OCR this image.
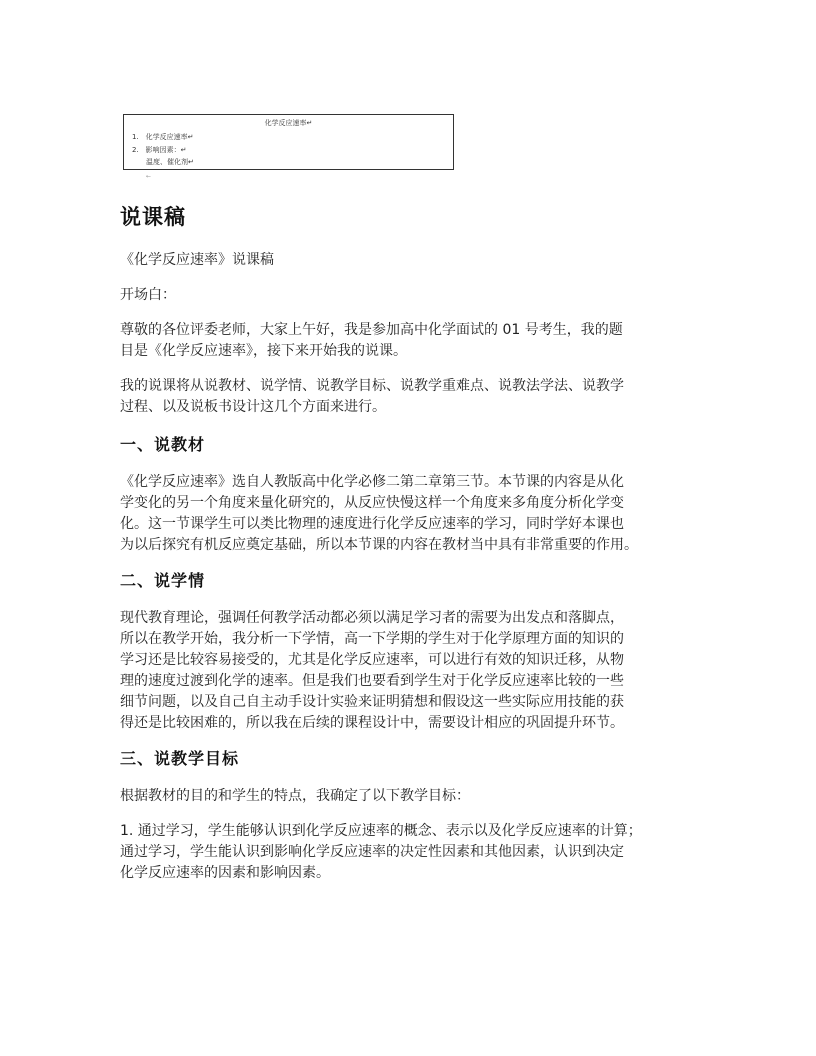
化学反应速率↵
1.　化学反应速率↵
2.　影响因素：↵
　　温度、催化剂↵
←
说课稿

《化学反应速率》说课稿

开场白：

尊敬的各位评委老师，大家上午好，我是参加高中化学面试的 01 号考生，我的题

目是《化学反应速率》，接下来开始我的说课。

我的说课将从说教材、说学情、说教学目标、说教学重难点、说教法学法、说教学

过程、以及说板书设计这几个方面来进行。

一、说教材

《化学反应速率》选自人教版高中化学必修二第二章第三节。本节课的内容是从化

学变化的另一个角度来量化研究的，从反应快慢这样一个角度来多角度分析化学变

化。这一节课学生可以类比物理的速度进行化学反应速率的学习，同时学好本课也

为以后探究有机反应奠定基础，所以本节课的内容在教材当中具有非常重要的作用。

二、说学情

现代教育理论，强调任何教学活动都必须以满足学习者的需要为出发点和落脚点，

所以在教学开始，我分析一下学情，高一下学期的学生对于化学原理方面的知识的

学习还是比较容易接受的，尤其是化学反应速率，可以进行有效的知识迁移，从物

理的速度过渡到化学的速率。但是我们也要看到学生对于化学反应速率比较的一些

细节问题，以及自己自主动手设计实验来证明猜想和假设这一些实际应用技能的获

得还是比较困难的，所以我在后续的课程设计中，需要设计相应的巩固提升环节。

三、说教学目标

根据教材的目的和学生的特点，我确定了以下教学目标：

1. 通过学习，学生能够认识到化学反应速率的概念、表示以及化学反应速率的计算；

通过学习，学生能认识到影响化学反应速率的决定性因素和其他因素，认识到决定

化学反应速率的因素和影响因素。
